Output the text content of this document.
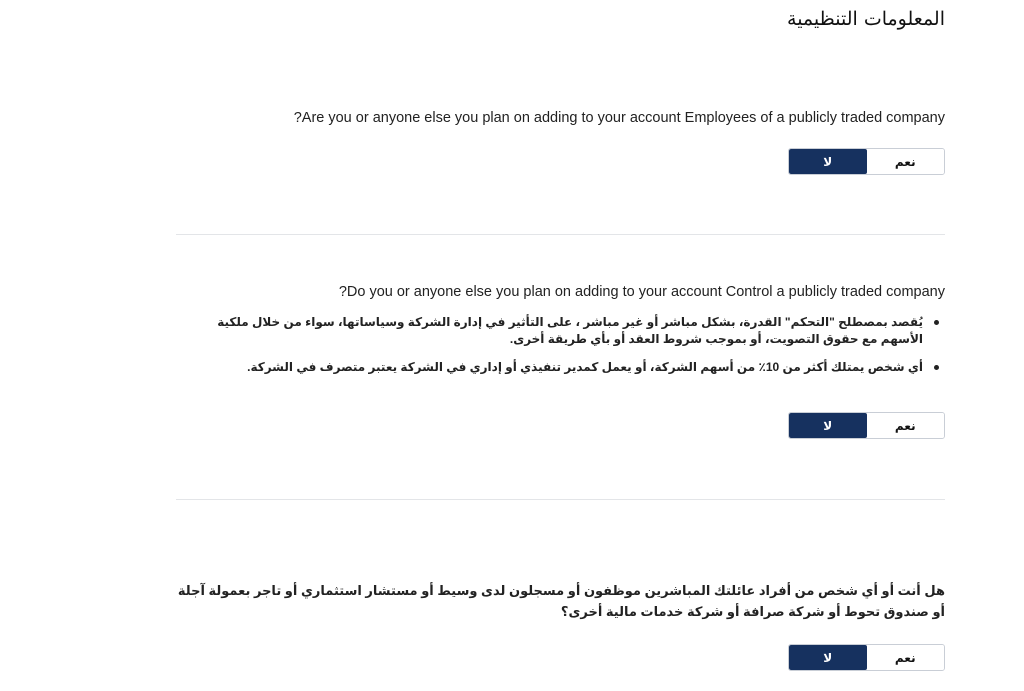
المعلومات التنظيمية
?Are you or anyone else you plan on adding to your account Employees of a publicly traded company
لا	نعم
?Do you or anyone else you plan on adding to your account Control a publicly traded company
يُقصد بمصطلح "التحكم" القدرة، بشكل مباشر أو غير مباشر ، على التأثير في إدارة الشركة وسياساتها، سواء من خلال ملكية الأسهم مع حقوق التصويت، أو بموجب شروط العقد أو بأي طريقة أخرى.
أي شخص يمتلك أكثر من 10٪ من أسهم الشركة، أو يعمل كمدير تنفيذي أو إداري في الشركة يعتبر متصرف في الشركة.
لا	نعم
هل أنت أو أي شخص من أفراد عائلتك المباشرين موظفون أو مسجلون لدى وسيط أو مستشار استثماري أو تاجر بعمولة آجلة أو صندوق تحوط أو شركة صرافة أو شركة خدمات مالية أخرى؟
لا	نعم
